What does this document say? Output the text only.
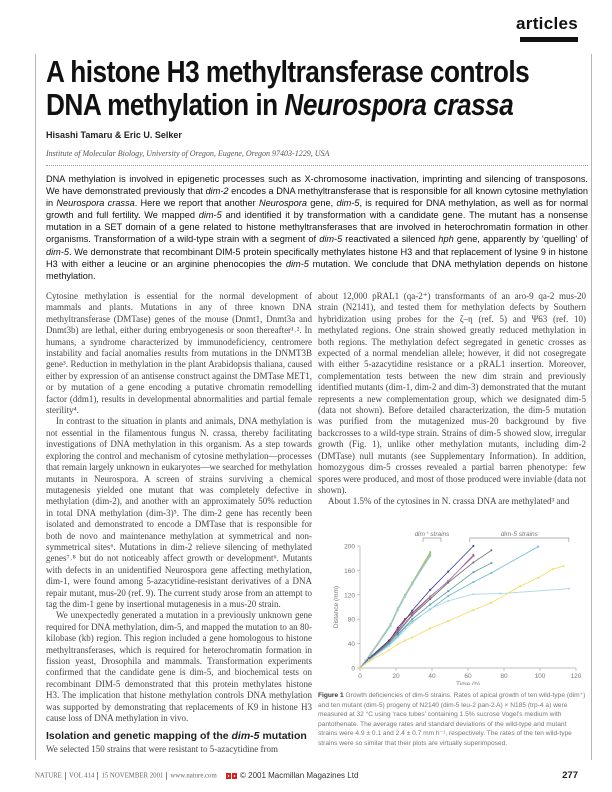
articles
A histone H3 methyltransferase controls
DNA methylation in Neurospora crassa
Hisashi Tamaru & Eric U. Selker
Institute of Molecular Biology, University of Oregon, Eugene, Oregon 97403-1229, USA
DNA methylation is involved in epigenetic processes such as X-chromosome inactivation, imprinting and silencing of transposons. We have demonstrated previously that dim-2 encodes a DNA methyltransferase that is responsible for all known cytosine methylation in Neurospora crassa. Here we report that another Neurospora gene, dim-5, is required for DNA methylation, as well as for normal growth and full fertility. We mapped dim-5 and identified it by transformation with a candidate gene. The mutant has a nonsense mutation in a SET domain of a gene related to histone methyltransferases that are involved in heterochromatin formation in other organisms. Transformation of a wild-type strain with a segment of dim-5 reactivated a silenced hph gene, apparently by ‘quelling’ of dim-5. We demonstrate that recombinant DIM-5 protein specifically methylates histone H3 and that replacement of lysine 9 in histone H3 with either a leucine or an arginine phenocopies the dim-5 mutation. We conclude that DNA methylation depends on histone methylation.

Cytosine methylation is essential for the normal development of mammals and plants. Mutations in any of three known DNA methyltransferase (DMTase) genes of the mouse (Dnmt1, Dnmt3a and Dnmt3b) are lethal, either during embryogenesis or soon thereafter¹˒². In humans, a syndrome characterized by immunodeficiency, centromere instability and facial anomalies results from mutations in the DNMT3B gene³. Reduction in methylation in the plant Arabidopsis thaliana, caused either by expression of an antisense construct against the DMTase MET1, or by mutation of a gene encoding a putative chromatin remodelling factor (ddm1), results in developmental abnormalities and partial female sterility⁴.

In contrast to the situation in plants and animals, DNA methylation is not essential in the filamentous fungus N. crassa, thereby facilitating investigations of DNA methylation in this organism. As a step towards exploring the control and mechanism of cytosine methylation—processes that remain largely unknown in eukaryotes—we searched for methylation mutants in Neurospora. A screen of strains surviving a chemical mutagenesis yielded one mutant that was completely defective in methylation (dim-2), and another with an approximately 50% reduction in total DNA methylation (dim-3)⁵. The dim-2 gene has recently been isolated and demonstrated to encode a DMTase that is responsible for both de novo and maintenance methylation at symmetrical and non-symmetrical sites⁶. Mutations in dim-2 relieve silencing of methylated genes⁷˒⁸ but do not noticeably affect growth or development⁶. Mutants with defects in an unidentified Neurospora gene affecting methylation, dim-1, were found among 5-azacytidine-resistant derivatives of a DNA repair mutant, mus-20 (ref. 9). The current study arose from an attempt to tag the dim-1 gene by insertional mutagenesis in a mus-20 strain.

We unexpectedly generated a mutation in a previously unknown gene required for DNA methylation, dim-5, and mapped the mutation to an 80-kilobase (kb) region. This region included a gene homologous to histone methyltransferases, which is required for heterochromatin formation in fission yeast, Drosophila and mammals. Transformation experiments confirmed that the candidate gene is dim-5, and biochemical tests on recombinant DIM-5 demonstrated that this protein methylates histone H3. The implication that histone methylation controls DNA methylation was supported by demonstrating that replacements of K9 in histone H3 cause loss of DNA methylation in vivo.

Isolation and genetic mapping of the dim-5 mutation

We selected 150 strains that were resistant to 5-azacytidine from

about 12,000 pRAL1 (qa-2⁺) transformants of an aro-9 qa-2 mus-20 strain (N2141), and tested them for methylation defects by Southern hybridization using probes for the ζ–η (ref. 5) and Ψ63 (ref. 10) methylated regions. One strain showed greatly reduced methylation in both regions. The methylation defect segregated in genetic crosses as expected of a normal mendelian allele; however, it did not cosegregate with either 5-azacytidine resistance or a pRAL1 insertion. Moreover, complementation tests between the new dim strain and previously identified mutants (dim-1, dim-2 and dim-3) demonstrated that the mutant represents a new complementation group, which we designated dim-5 (data not shown). Before detailed characterization, the dim-5 mutation was purified from the mutagenized mus-20 background by five backcrosses to a wild-type strain. Strains of dim-5 showed slow, irregular growth (Fig. 1), unlike other methylation mutants, including dim-2 (DMTase) null mutants (see Supplementary Information). In addition, homozygous dim-5 crosses revealed a partial barren phenotype: few spores were produced, and most of those produced were inviable (data not shown).

About 1.5% of the cytosines in N. crassa DNA are methylated³ and

0
40
80
120
160
200
0	20	40	60	80	100	120
Time (h)
Distance (mm)
dim⁺ strains	dim-5 strains
Figure 1 Growth deficiencies of dim-5 strains. Rates of apical growth of ten wild-type (dim⁺) and ten mutant (dim-5) progeny of N2140 (dim-5 leu-2 pan-2 A) × N185 (trp-4 a) were measured at 32 °C using ‘race tubes’ containing 1.5% sucrose Vogel’s medium with pantothenate. The average rates and standard deviations of the wild-type and mutant strains were 4.9 ± 0.1 and 2.4 ± 0.7 mm h⁻¹, respectively. The rates of the ten wild-type strains were so similar that their plots are virtually superimposed.
NATURE VOL 414 15 NOVEMBER 2001 www.nature.com	© 2001 Macmillan Magazines Ltd	277
